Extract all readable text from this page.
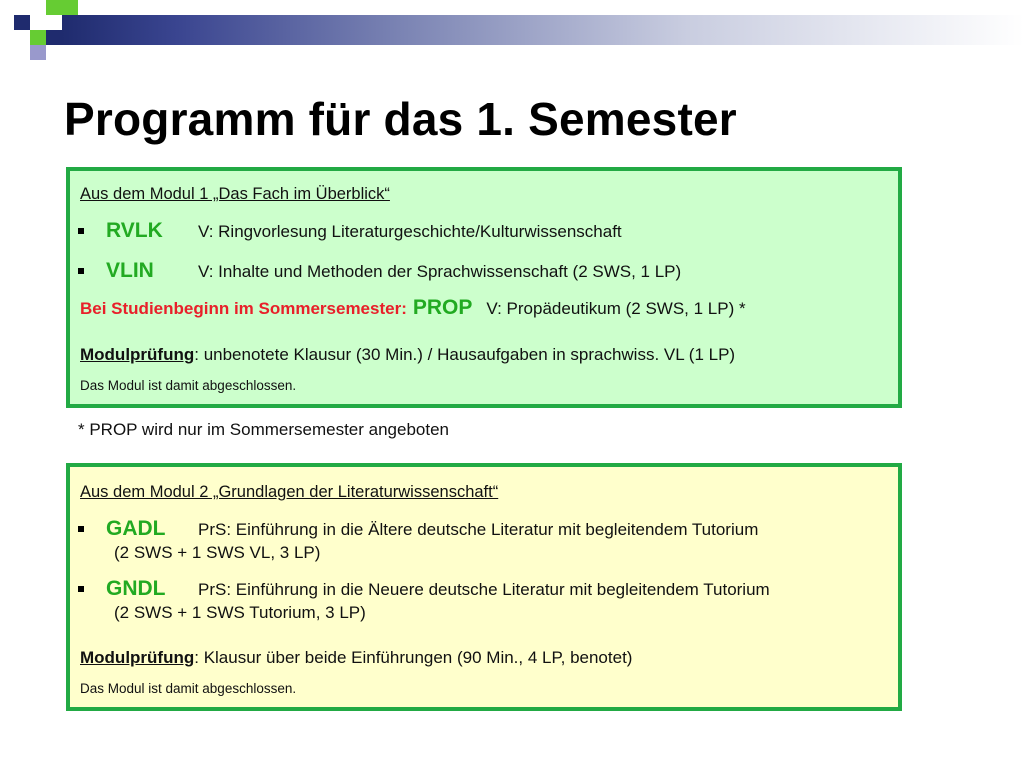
Programm für das 1. Semester
Aus dem Modul 1 „Das Fach im Überblick“
RVLK V: Ringvorlesung Literaturgeschichte/Kulturwissenschaft
VLIN	V: Inhalte und Methoden der Sprachwissenschaft (2 SWS, 1 LP)
Bei Studienbeginn im Sommersemester: PROP V: Propädeutikum (2 SWS, 1 LP) *
Modulprüfung: unbenotete Klausur (30 Min.) / Hausaufgaben in sprachwiss. VL (1 LP)
Das Modul ist damit abgeschlossen.
* PROP wird nur im Sommersemester angeboten
Aus dem Modul 2 „Grundlagen der Literaturwissenschaft“
GADL PrS: Einführung in die Ältere deutsche Literatur mit begleitendem Tutorium
(2 SWS + 1 SWS VL, 3 LP)
GNDL PrS: Einführung in die Neuere deutsche Literatur mit begleitendem Tutorium
(2 SWS + 1 SWS Tutorium, 3 LP)
Modulprüfung: Klausur über beide Einführungen (90 Min., 4 LP, benotet)
Das Modul ist damit abgeschlossen.
